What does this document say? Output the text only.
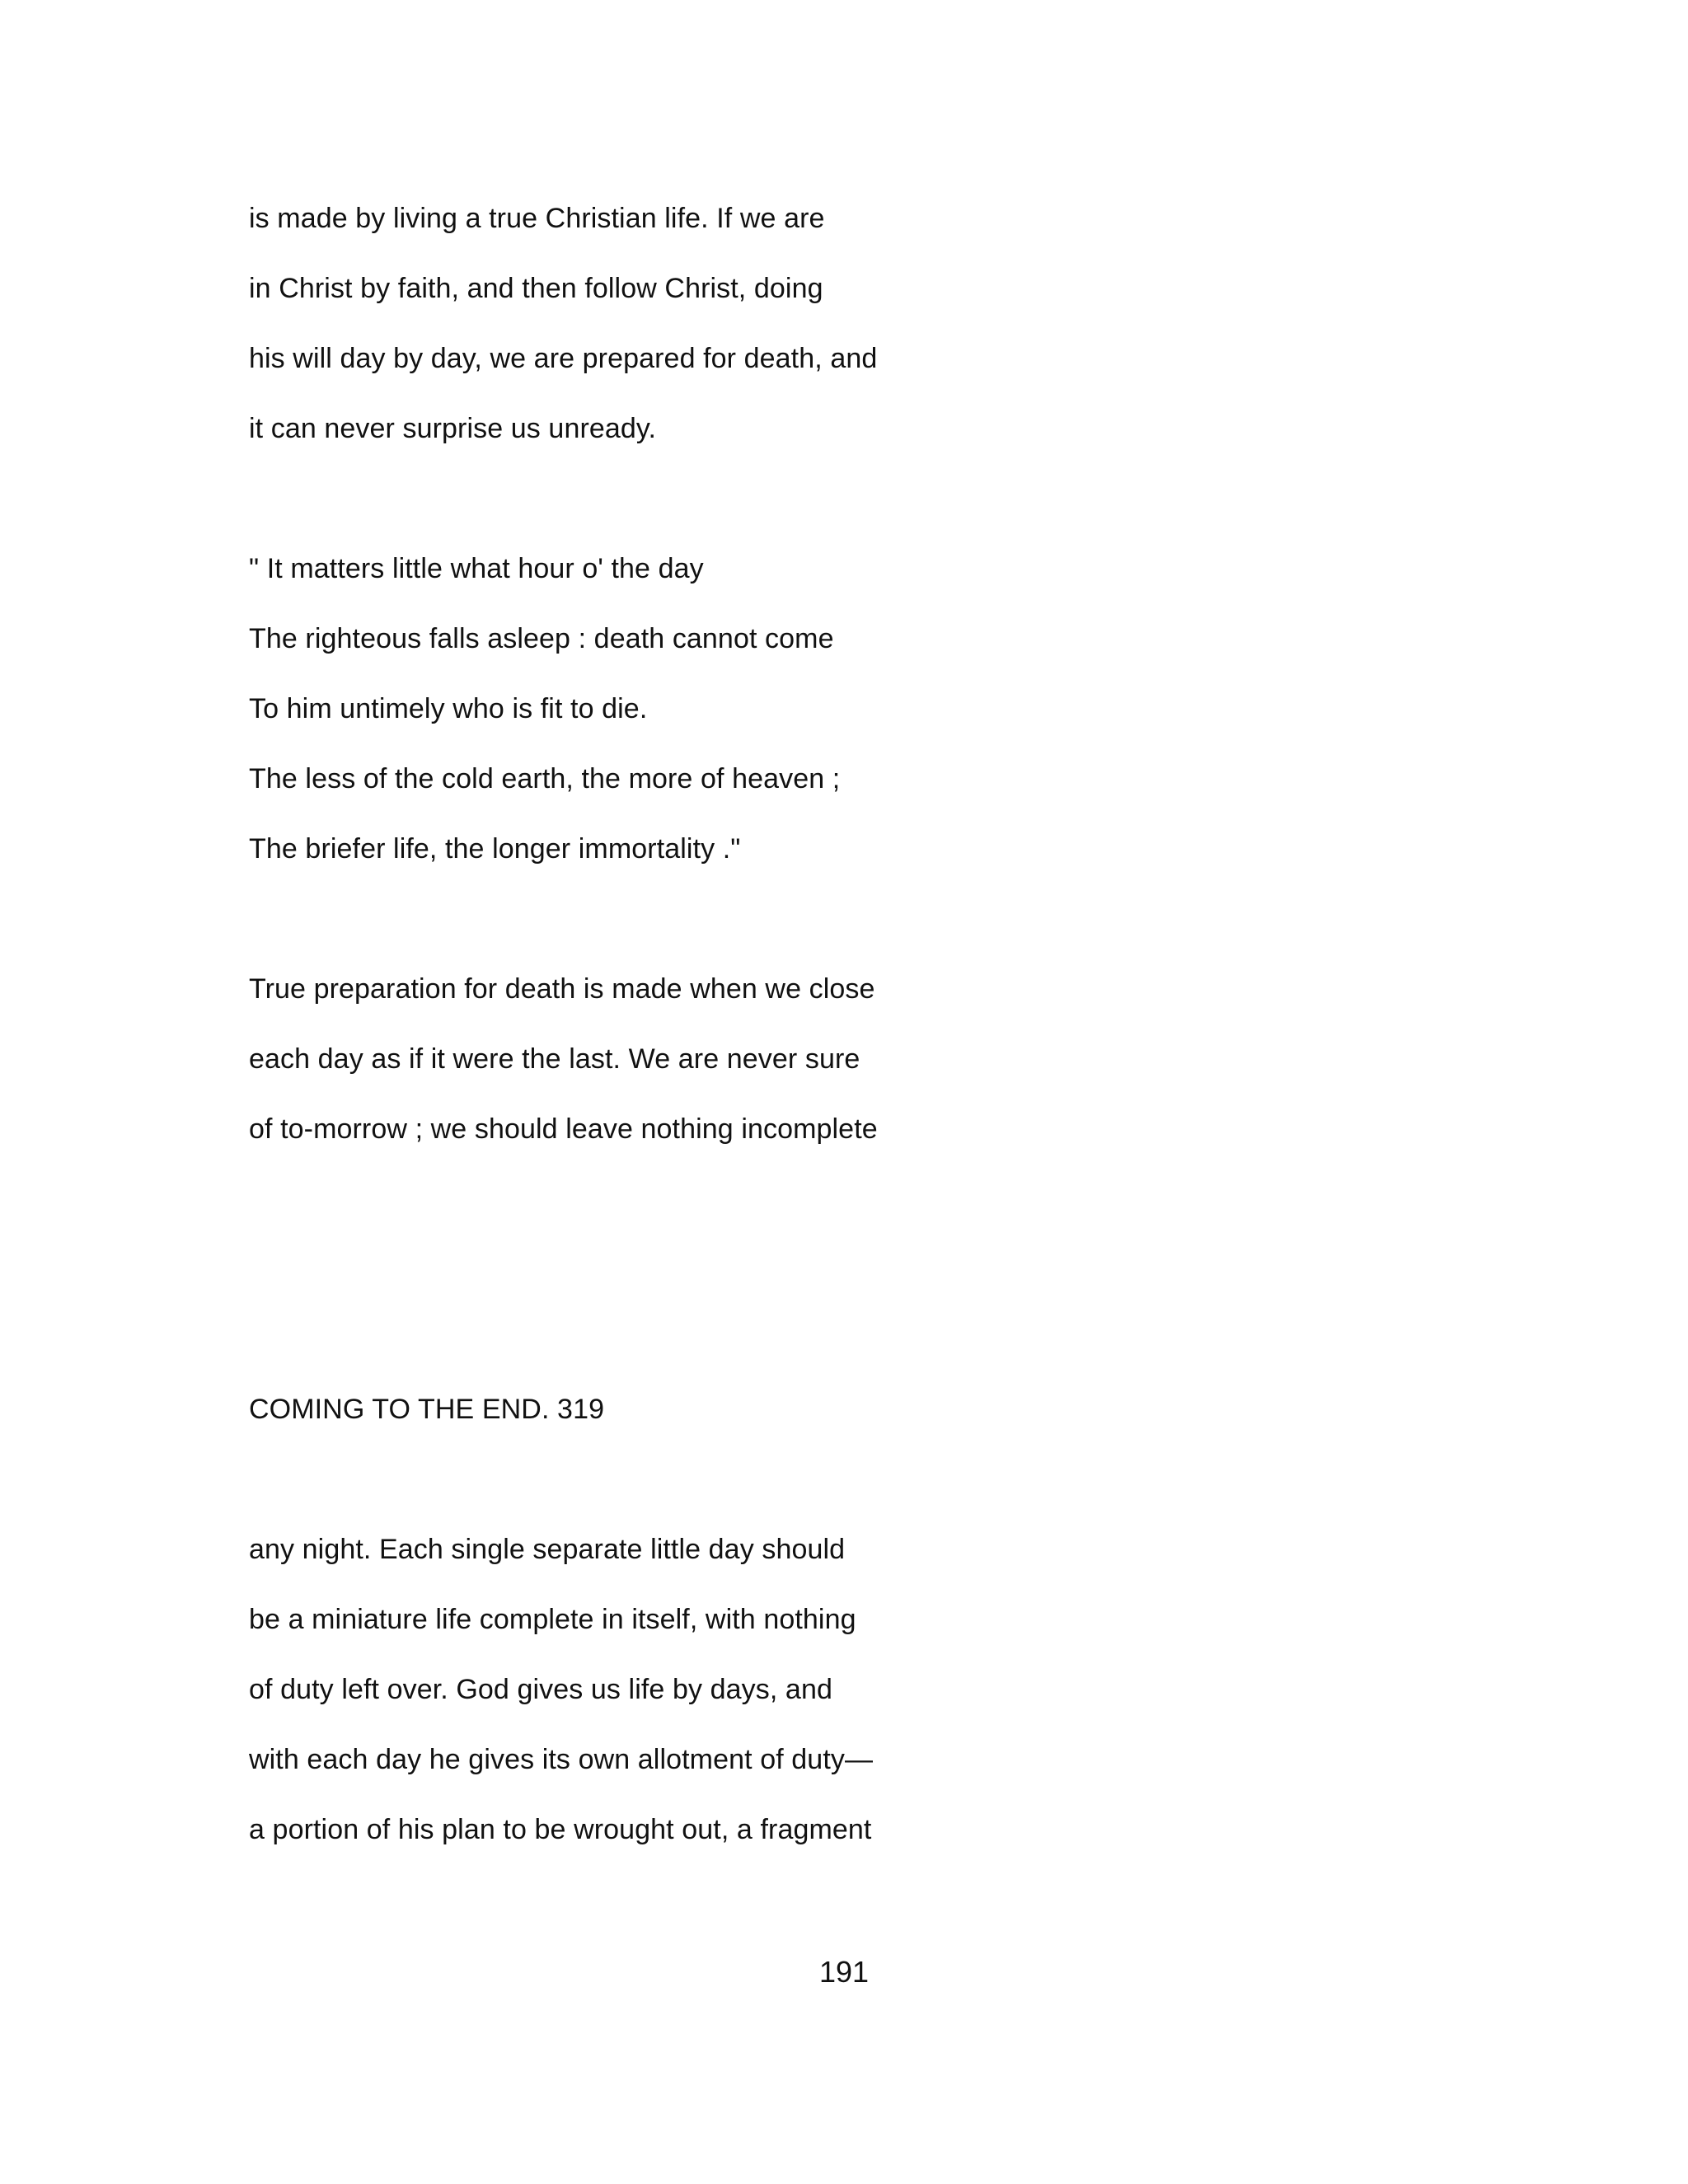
is made by living a true Christian life. If we are
in Christ by faith, and then follow Christ, doing
his will day by day, we are prepared for death, and
it can never surprise us unready.
" It matters little what hour o' the day
The righteous falls asleep : death cannot come
To him untimely who is fit to die.
The less of the cold earth, the more of heaven ;
The briefer life, the longer immortality ."
True preparation for death is made when we close
each day as if it were the last. We are never sure
of to-morrow ; we should leave nothing incomplete
COMING TO THE END. 319
any night. Each single separate little day should
be a miniature life complete in itself, with nothing
of duty left over. God gives us life by days, and
with each day he gives its own allotment of duty—
a portion of his plan to be wrought out, a fragment
191
